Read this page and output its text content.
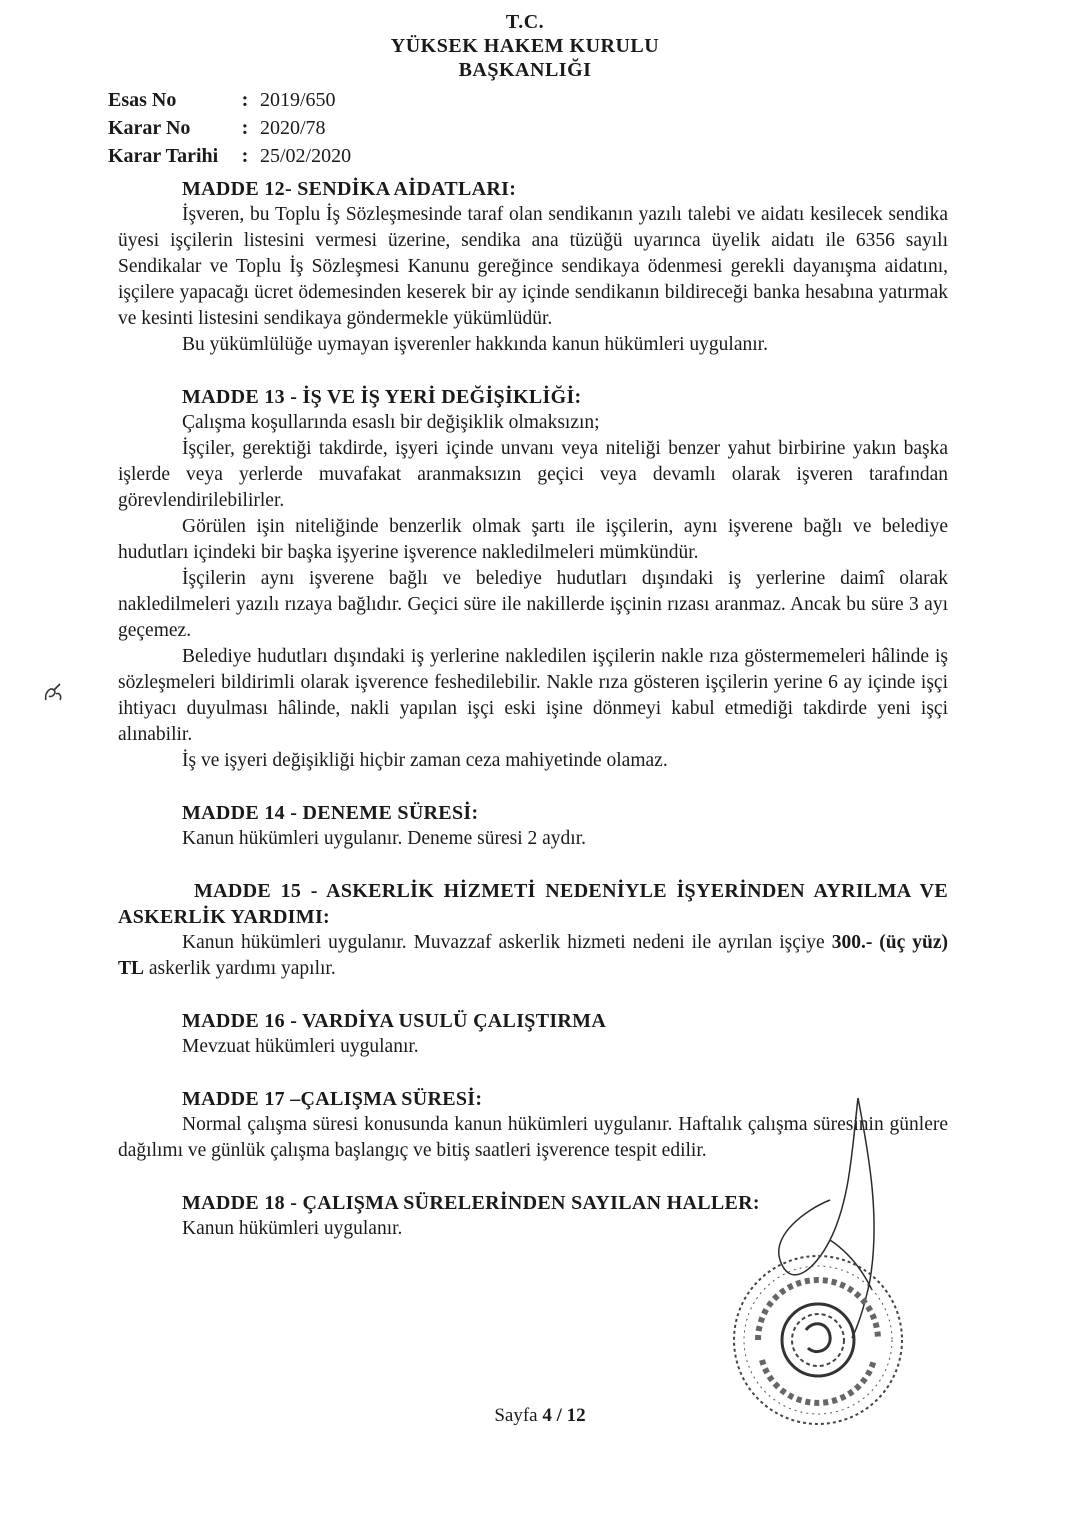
T.C.
YÜKSEK HAKEM KURULU
BAŞKANLIĞI
Esas No	: 2019/650
Karar No	: 2020/78
Karar Tarihi	: 25/02/2020
MADDE 12- SENDİKA AİDATLARI:

İşveren, bu Toplu İş Sözleşmesinde taraf olan sendikanın yazılı talebi ve aidatı kesilecek sendika üyesi işçilerin listesini vermesi üzerine, sendika ana tüzüğü uyarınca üyelik aidatı ile 6356 sayılı Sendikalar ve Toplu İş Sözleşmesi Kanunu gereğince sendikaya ödenmesi gerekli dayanışma aidatını, işçilere yapacağı ücret ödemesinden keserek bir ay içinde sendikanın bildireceği banka hesabına yatırmak ve kesinti listesini sendikaya göndermekle yükümlüdür.

Bu yükümlülüğe uymayan işverenler hakkında kanun hükümleri uygulanır.

MADDE 13 - İŞ VE İŞ YERİ DEĞİŞİKLİĞİ:

Çalışma koşullarında esaslı bir değişiklik olmaksızın;

İşçiler, gerektiği takdirde, işyeri içinde unvanı veya niteliği benzer yahut birbirine yakın başka işlerde veya yerlerde muvafakat aranmaksızın geçici veya devamlı olarak işveren tarafından görevlendirilebilirler.

Görülen işin niteliğinde benzerlik olmak şartı ile işçilerin, aynı işverene bağlı ve belediye hudutları içindeki bir başka işyerine işverence nakledilmeleri mümkündür.

İşçilerin aynı işverene bağlı ve belediye hudutları dışındaki iş yerlerine daimî olarak nakledilmeleri yazılı rızaya bağlıdır. Geçici süre ile nakillerde işçinin rızası aranmaz. Ancak bu süre 3 ayı geçemez.

Belediye hudutları dışındaki iş yerlerine nakledilen işçilerin nakle rıza göstermemeleri hâlinde iş sözleşmeleri bildirimli olarak işverence feshedilebilir. Nakle rıza gösteren işçilerin yerine 6 ay içinde işçi ihtiyacı duyulması hâlinde, nakli yapılan işçi eski işine dönmeyi kabul etmediği takdirde yeni işçi alınabilir.

İş ve işyeri değişikliği hiçbir zaman ceza mahiyetinde olamaz.

MADDE 14 - DENEME SÜRESİ:

Kanun hükümleri uygulanır. Deneme süresi 2 aydır.

MADDE 15 - ASKERLİK HİZMETİ NEDENİYLE İŞYERİNDEN AYRILMA VE ASKERLİK YARDIMI:

Kanun hükümleri uygulanır. Muvazzaf askerlik hizmeti nedeni ile ayrılan işçiye 300.- (üç yüz) TL askerlik yardımı yapılır.

MADDE 16 - VARDİYA USULÜ ÇALIŞTIRMA

Mevzuat hükümleri uygulanır.

MADDE 17 –ÇALIŞMA SÜRESİ:

Normal çalışma süresi konusunda kanun hükümleri uygulanır. Haftalık çalışma süresinin günlere dağılımı ve günlük çalışma başlangıç ve bitiş saatleri işverence tespit edilir.

MADDE 18 - ÇALIŞMA SÜRELERİNDEN SAYILAN HALLER:

Kanun hükümleri uygulanır.

Sayfa 4 / 12
